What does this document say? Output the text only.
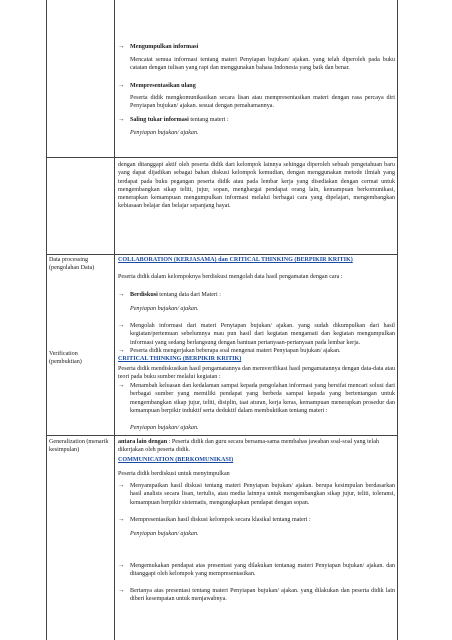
→ Mengumpulkan informasi
Mencatat semua informasi tentang materi Penyiapan bujukan/ ajakan. yang telah diperoleh pada buku catatan dengan tulisan yang rapi dan menggunakan bahasa Indonesia yang baik dan benar.
→ Mempresentasikan ulang
Peserta didik mengkomunikasikan secara lisan atau mempresentasikan materi dengan rasa percaya diri Penyiapan bujukan/ ajakan. sesuai dengan pemahamannya.
→ Saling tukar informasi tentang materi :
Penyiapan bujukan/ ajakan.
dengan ditanggapi aktif oleh peserta didik dari kelompok lainnya sehingga diperoleh sebuah pengetahuan baru yang dapat dijadikan sebagai bahan diskusi kelompok kemudian, dengan menggunakan metode ilmiah yang terdapat pada buku pegangan peserta didik atau pada lembar kerja yang disediakan dengan cermat untuk mengembangkan sikap teliti, jujur, sopan, menghargai pendapat orang lain, kemampuan berkomunikasi, menerapkan kemampuan mengumpulkan informasi melalui berbagai cara yang dipelajari, mengembangkan kebiasaan belajar dan belajar sepanjang hayat.
Data processing (pengolahan Data)
COLLABORATION (KERJASAMA) dan CRITICAL THINKING (BERPIKIR KRITIK)
Peserta didik dalam kelompoknya berdiskusi mengolah data hasil pengamatan dengan cara :
→ Berdiskusi tentang data dari Materi :
Penyiapan bujukan/ ajakan.
→ Mengolah informasi dari materi Penyiapan bujukan/ ajakan. yang sudah dikumpulkan dari hasil kegiatan/pertemuan sebelumnya mau pun hasil dari kegiatan mengamati dan kegiatan mengumpulkan informasi yang sedang berlangsung dengan bantuan pertanyaan-pertanyaan pada lembar kerja.
→ Peserta didik mengerjakan beberapa soal mengenai materi Penyiapan bujukan/ ajakan.
Verification (pembuktian)
CRITICAL THINKING (BERPIKIR KRITIK)
Peserta didik mendiskusikan hasil pengamatannya dan memverifikasi hasil pengamatannya dengan data-data atau teori pada buku sumber melalui kegiatan :
→ Menambah keluasan dan kedalaman sampai kepada pengolahan informasi yang bersifat mencari solusi dari berbagai sumber yang memiliki pendapat yang berbeda sampai kepada yang bertentangan untuk mengembangkan sikap jujur, teliti, disiplin, taat aturan, kerja keras, kemampuan menerapkan prosedur dan kemampuan berpikir induktif serta deduktif dalam membuktikan tentang materi :
Penyiapan bujukan/ ajakan.
antara lain dengan : Peserta didik dan guru secara bersama-sama membahas jawaban soal-soal yang telah dikerjakan oleh peserta didik.
Generalization (menarik kesimpulan)
COMMUNICATION (BERKOMUNIKASI)
Peserta didik berdiskusi untuk menyimpulkan
→ Menyampaikan hasil diskusi tentang materi Penyiapan bujukan/ ajakan. berupa kesimpulan berdasarkan hasil analisis secara lisan, tertulis, atau media lainnya untuk mengembangkan sikap jujur, teliti, toleransi, kemampuan berpikir sistematis, mengungkapkan pendapat dengan sopan.
→ Mempresentasikan hasil diskusi kelompok secara klasikal tentang materi :
Penyiapan bujukan/ ajakan.
→ Mengemukakan pendapat atas presentasi yang dilakukan tentanag materi Penyiapan bujukan/ ajakan. dan ditanggapi oleh kelompok yang mempresentasikan.
→ Bertanya atas presentasi tentang materi Penyiapan bujukan/ ajakan. yang dilakukan dan peserta didik lain diberi kesempatan untuk menjawabnya.
